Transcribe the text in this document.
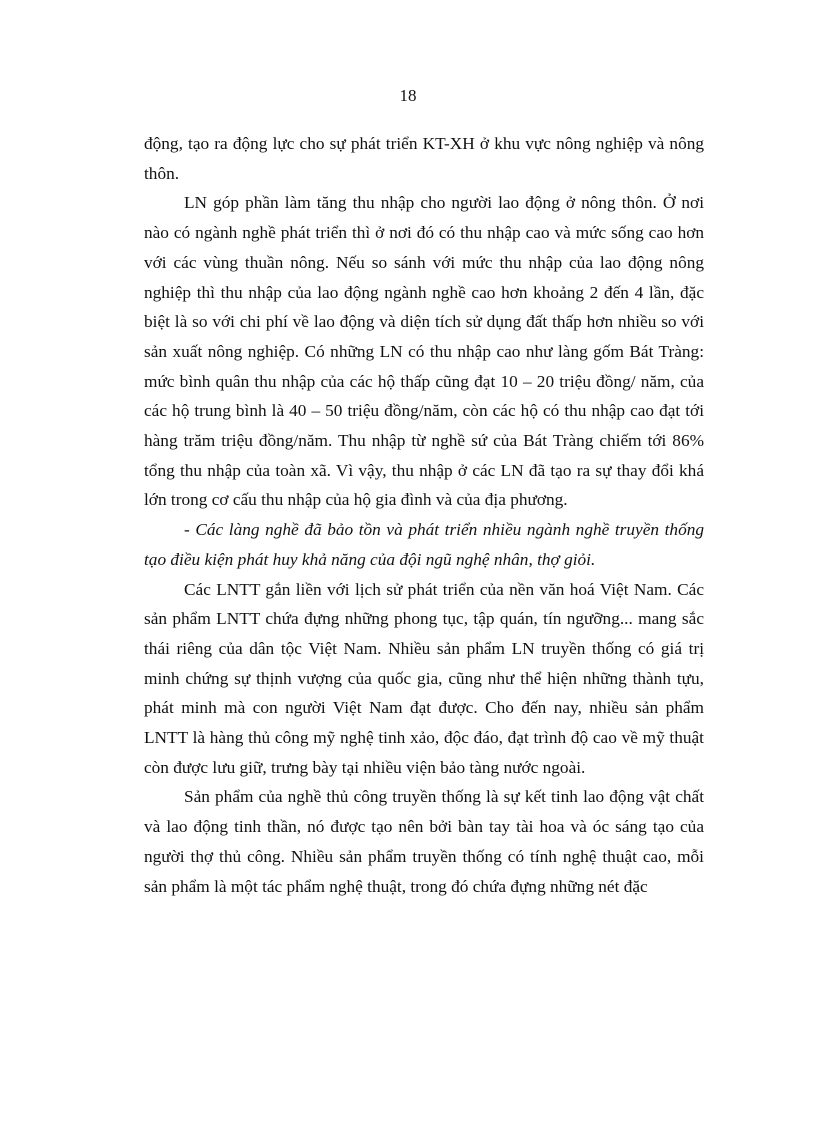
18

động, tạo ra động lực cho sự phát triển KT-XH ở khu vực nông nghiệp và nông thôn.

LN góp phần làm tăng thu nhập cho người lao động ở nông thôn. Ở nơi nào có ngành nghề phát triển thì ở nơi đó có thu nhập cao và mức sống cao hơn với các vùng thuần nông. Nếu so sánh với mức thu nhập của lao động nông nghiệp thì thu nhập của lao động ngành nghề cao hơn khoảng 2 đến 4 lần, đặc biệt là so với chi phí về lao động và diện tích sử dụng đất thấp hơn nhiều so với sản xuất nông nghiệp. Có những LN có thu nhập cao như làng gốm Bát Tràng: mức bình quân thu nhập của các hộ thấp cũng đạt 10 – 20 triệu đồng/ năm, của các hộ trung bình là 40 – 50 triệu đồng/năm, còn các hộ có thu nhập cao đạt tới hàng trăm triệu đồng/năm. Thu nhập từ nghề sứ của Bát Tràng chiếm tới 86% tổng thu nhập của toàn xã. Vì vậy, thu nhập ở các LN đã tạo ra sự thay đổi khá lớn trong cơ cấu thu nhập của hộ gia đình và của địa phương.

- Các làng nghề đã bảo tồn và phát triển nhiều ngành nghề truyền thống tạo điều kiện phát huy khả năng của đội ngũ nghệ nhân, thợ giỏi.

Các LNTT gắn liền với lịch sử phát triển của nền văn hoá Việt Nam. Các sản phẩm LNTT chứa đựng những phong tục, tập quán, tín ngưỡng... mang sắc thái riêng của dân tộc Việt Nam. Nhiều sản phẩm LN truyền thống có giá trị minh chứng sự thịnh vượng của quốc gia, cũng như thể hiện những thành tựu, phát minh mà con người Việt Nam đạt được. Cho đến nay, nhiều sản phẩm LNTT là hàng thủ công mỹ nghệ tinh xảo, độc đáo, đạt trình độ cao về mỹ thuật còn được lưu giữ, trưng bày tại nhiều viện bảo tàng nước ngoài.

Sản phẩm của nghề thủ công truyền thống là sự kết tinh lao động vật chất và lao động tinh thần, nó được tạo nên bởi bàn tay tài hoa và óc sáng tạo của người thợ thủ công. Nhiều sản phẩm truyền thống có tính nghệ thuật cao, mỗi sản phẩm là một tác phẩm nghệ thuật, trong đó chứa đựng những nét đặc
